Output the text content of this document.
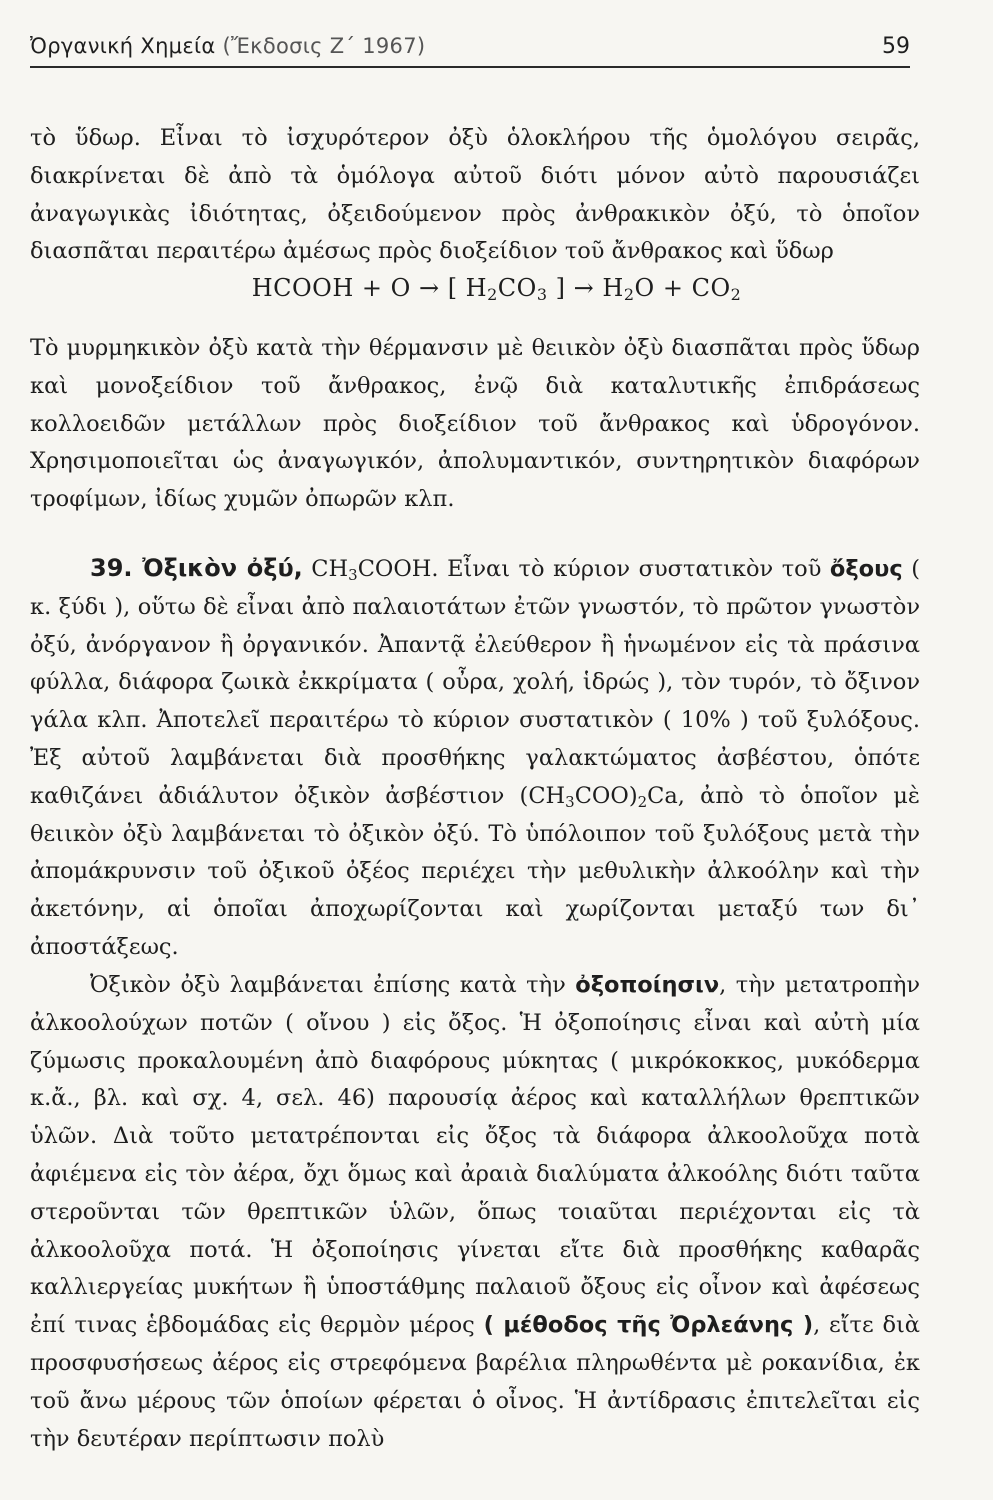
Ὀργανική Χημεία (Ἔκδοσις Ζ΄ 1967)	59
τὸ ὕδωρ. Εἶναι τὸ ἰσχυρότερον ὀξὺ ὁλοκλήρου τῆς ὁμολόγου σειρᾶς, διακρίνεται δὲ ἀπὸ τὰ ὁμόλογα αὐτοῦ διότι μόνον αὐτὸ παρουσιάζει ἀναγωγικὰς ἰδιότητας, ὀξειδούμενον πρὸς ἀνθρακικὸν ὀξύ, τὸ ὁποῖον διασπᾶται περαιτέρω ἀμέσως πρὸς διοξείδιον τοῦ ἄνθρακος καὶ ὕδωρ
HCOOH + O → [ $H_2CO_3$ ] → $H_2O + CO_2$
Τὸ μυρμηκικὸν ὀξὺ κατὰ τὴν θέρμανσιν μὲ θειικὸν ὀξὺ διασπᾶται πρὸς ὕδωρ καὶ μονοξείδιον τοῦ ἄνθρακος, ἐνῷ διὰ καταλυτικῆς ἐπιδράσεως κολλοειδῶν μετάλλων πρὸς διοξείδιον τοῦ ἄνθρακος καὶ ὑδρογόνον. Χρησιμοποιεῖται ὡς ἀναγωγικόν, ἀπολυμαντικόν, συντηρητικὸν διαφόρων τροφίμων, ἰδίως χυμῶν ὀπωρῶν κλπ.
39. Ὀξικὸν ὀξύ, $CH_3COOH$. Εἶναι τὸ κύριον συστατικὸν τοῦ ὄξους ( κ. ξύδι ), οὕτω δὲ εἶναι ἀπὸ παλαιοτάτων ἐτῶν γνωστόν, τὸ πρῶτον γνωστὸν ὀξύ, ἀνόργανον ἢ ὀργανικόν. Ἀπαντᾷ ἐλεύθερον ἢ ἡνωμένον εἰς τὰ πράσινα φύλλα, διάφορα ζωικὰ ἐκκρίματα ( οὖρα, χολή, ἱδρώς ), τὸν τυρόν, τὸ ὄξινον γάλα κλπ. Ἀποτελεῖ περαιτέρω τὸ κύριον συστατικὸν ( 10% ) τοῦ ξυλόξους. Ἐξ αὐτοῦ λαμβάνεται διὰ προσθήκης γαλακτώματος ἀσβέστου, ὁπότε καθιζάνει ἀδιάλυτον ὀξικὸν ἀσβέστιον $(CH_3COO)_2Ca$, ἀπὸ τὸ ὁποῖον μὲ θειικὸν ὀξὺ λαμβάνεται τὸ ὀξικὸν ὀξύ. Τὸ ὑπόλοιπον τοῦ ξυλόξους μετὰ τὴν ἀπομάκρυνσιν τοῦ ὀξικοῦ ὀξέος περιέχει τὴν μεθυλικὴν ἀλκοόλην καὶ τὴν ἀκετόνην, αἱ ὁποῖαι ἀποχωρίζονται καὶ χωρίζονται μεταξύ των δι᾽ ἀποστάξεως.
Ὀξικὸν ὀξὺ λαμβάνεται ἐπίσης κατὰ τὴν ὀξοποίησιν, τὴν μετατροπὴν ἀλκοολούχων ποτῶν ( οἴνου ) εἰς ὄξος. Ἡ ὀξοποίησις εἶναι καὶ αὐτὴ μία ζύμωσις προκαλουμένη ἀπὸ διαφόρους μύκητας ( μικρόκοκκος, μυκόδερμα κ.ἄ., βλ. καὶ σχ. 4, σελ. 46) παρουσίᾳ ἀέρος καὶ καταλλήλων θρεπτικῶν ὑλῶν. Διὰ τοῦτο μετατρέπονται εἰς ὄξος τὰ διάφορα ἀλκοολοῦχα ποτὰ ἀφιέμενα εἰς τὸν ἀέρα, ὄχι ὅμως καὶ ἀραιὰ διαλύματα ἀλκοόλης διότι ταῦτα στεροῦνται τῶν θρεπτικῶν ὑλῶν, ὅπως τοιαῦται περιέχονται εἰς τὰ ἀλκοολοῦχα ποτά. Ἡ ὀξοποίησις γίνεται εἴτε διὰ προσθήκης καθαρᾶς καλλιεργείας μυκήτων ἢ ὑποστάθμης παλαιοῦ ὄξους εἰς οἶνον καὶ ἀφέσεως ἐπί τινας ἑβδομάδας εἰς θερμὸν μέρος ( μέθοδος τῆς Ὀρλεάνης ), εἴτε διὰ προσφυσήσεως ἀέρος εἰς στρεφόμενα βαρέλια πληρωθέντα μὲ ροκανίδια, ἐκ τοῦ ἄνω μέρους τῶν ὁποίων φέρεται ὁ οἶνος. Ἡ ἀντίδρασις ἐπιτελεῖται εἰς τὴν δευτέραν περίπτωσιν πολὺ
